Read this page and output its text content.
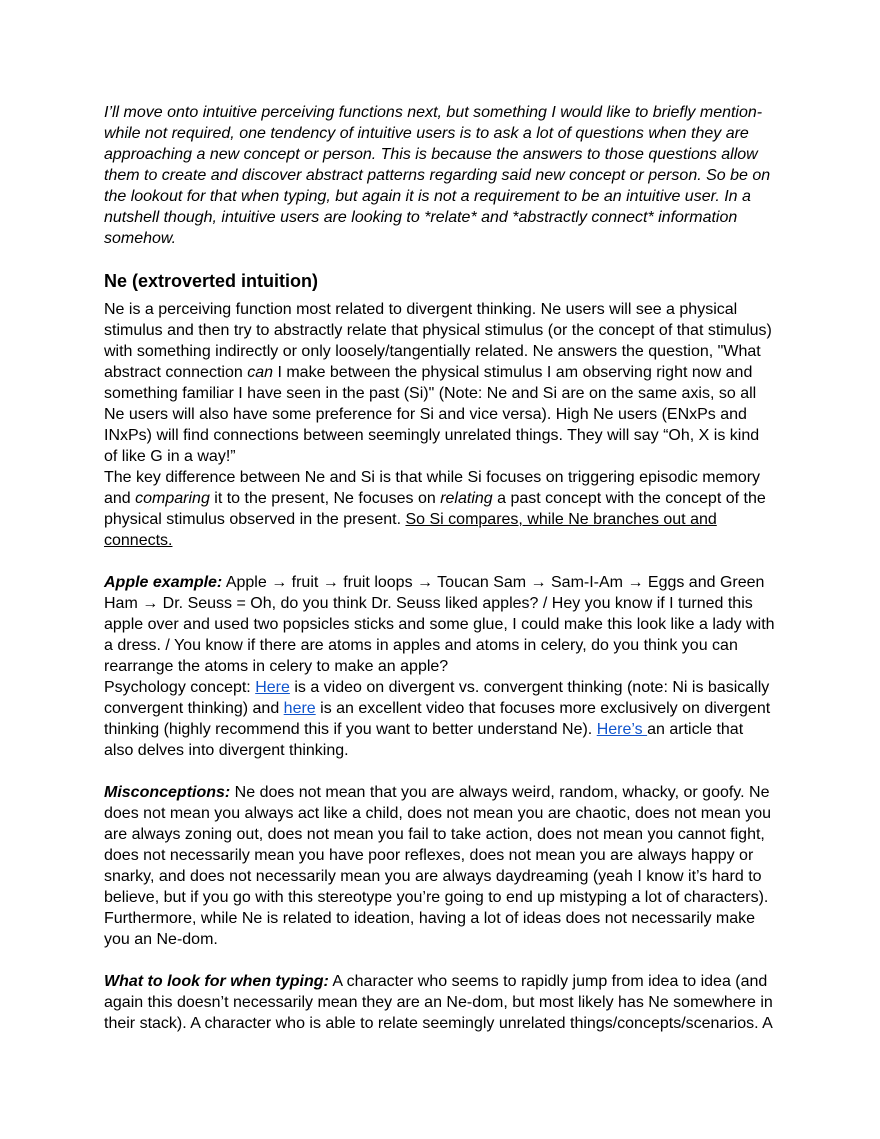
I’ll move onto intuitive perceiving functions next, but something I would like to briefly mention- while not required, one tendency of intuitive users is to ask a lot of questions when they are approaching a new concept or person. This is because the answers to those questions allow them to create and discover abstract patterns regarding said new concept or person. So be on the lookout for that when typing, but again it is not a requirement to be an intuitive user. In a nutshell though, intuitive users are looking to *relate* and *abstractly connect* information somehow.

Ne (extroverted intuition)

Ne is a perceiving function most related to divergent thinking. Ne users will see a physical stimulus and then try to abstractly relate that physical stimulus (or the concept of that stimulus) with something indirectly or only loosely/tangentially related. Ne answers the question, "What abstract connection can I make between the physical stimulus I am observing right now and something familiar I have seen in the past (Si)" (Note: Ne and Si are on the same axis, so all Ne users will also have some preference for Si and vice versa). High Ne users (ENxPs and INxPs) will find connections between seemingly unrelated things. They will say “Oh, X is kind of like G in a way!”

The key difference between Ne and Si is that while Si focuses on triggering episodic memory and comparing it to the present, Ne focuses on relating a past concept with the concept of the physical stimulus observed in the present. So Si compares, while Ne branches out and connects.

Apple example: Apple → fruit → fruit loops → Toucan Sam → Sam-I-Am → Eggs and Green Ham → Dr. Seuss = Oh, do you think Dr. Seuss liked apples? / Hey you know if I turned this apple over and used two popsicles sticks and some glue, I could make this look like a lady with a dress. / You know if there are atoms in apples and atoms in celery, do you think you can rearrange the atoms in celery to make an apple?

Psychology concept: Here is a video on divergent vs. convergent thinking (note: Ni is basically convergent thinking) and here is an excellent video that focuses more exclusively on divergent thinking (highly recommend this if you want to better understand Ne). Here’s an article that also delves into divergent thinking.

Misconceptions: Ne does not mean that you are always weird, random, whacky, or goofy. Ne does not mean you always act like a child, does not mean you are chaotic, does not mean you are always zoning out, does not mean you fail to take action, does not mean you cannot fight, does not necessarily mean you have poor reflexes, does not mean you are always happy or snarky, and does not necessarily mean you are always daydreaming (yeah I know it’s hard to believe, but if you go with this stereotype you’re going to end up mistyping a lot of characters). Furthermore, while Ne is related to ideation, having a lot of ideas does not necessarily make you an Ne-dom.

What to look for when typing: A character who seems to rapidly jump from idea to idea (and again this doesn’t necessarily mean they are an Ne-dom, but most likely has Ne somewhere in their stack). A character who is able to relate seemingly unrelated things/concepts/scenarios. A
